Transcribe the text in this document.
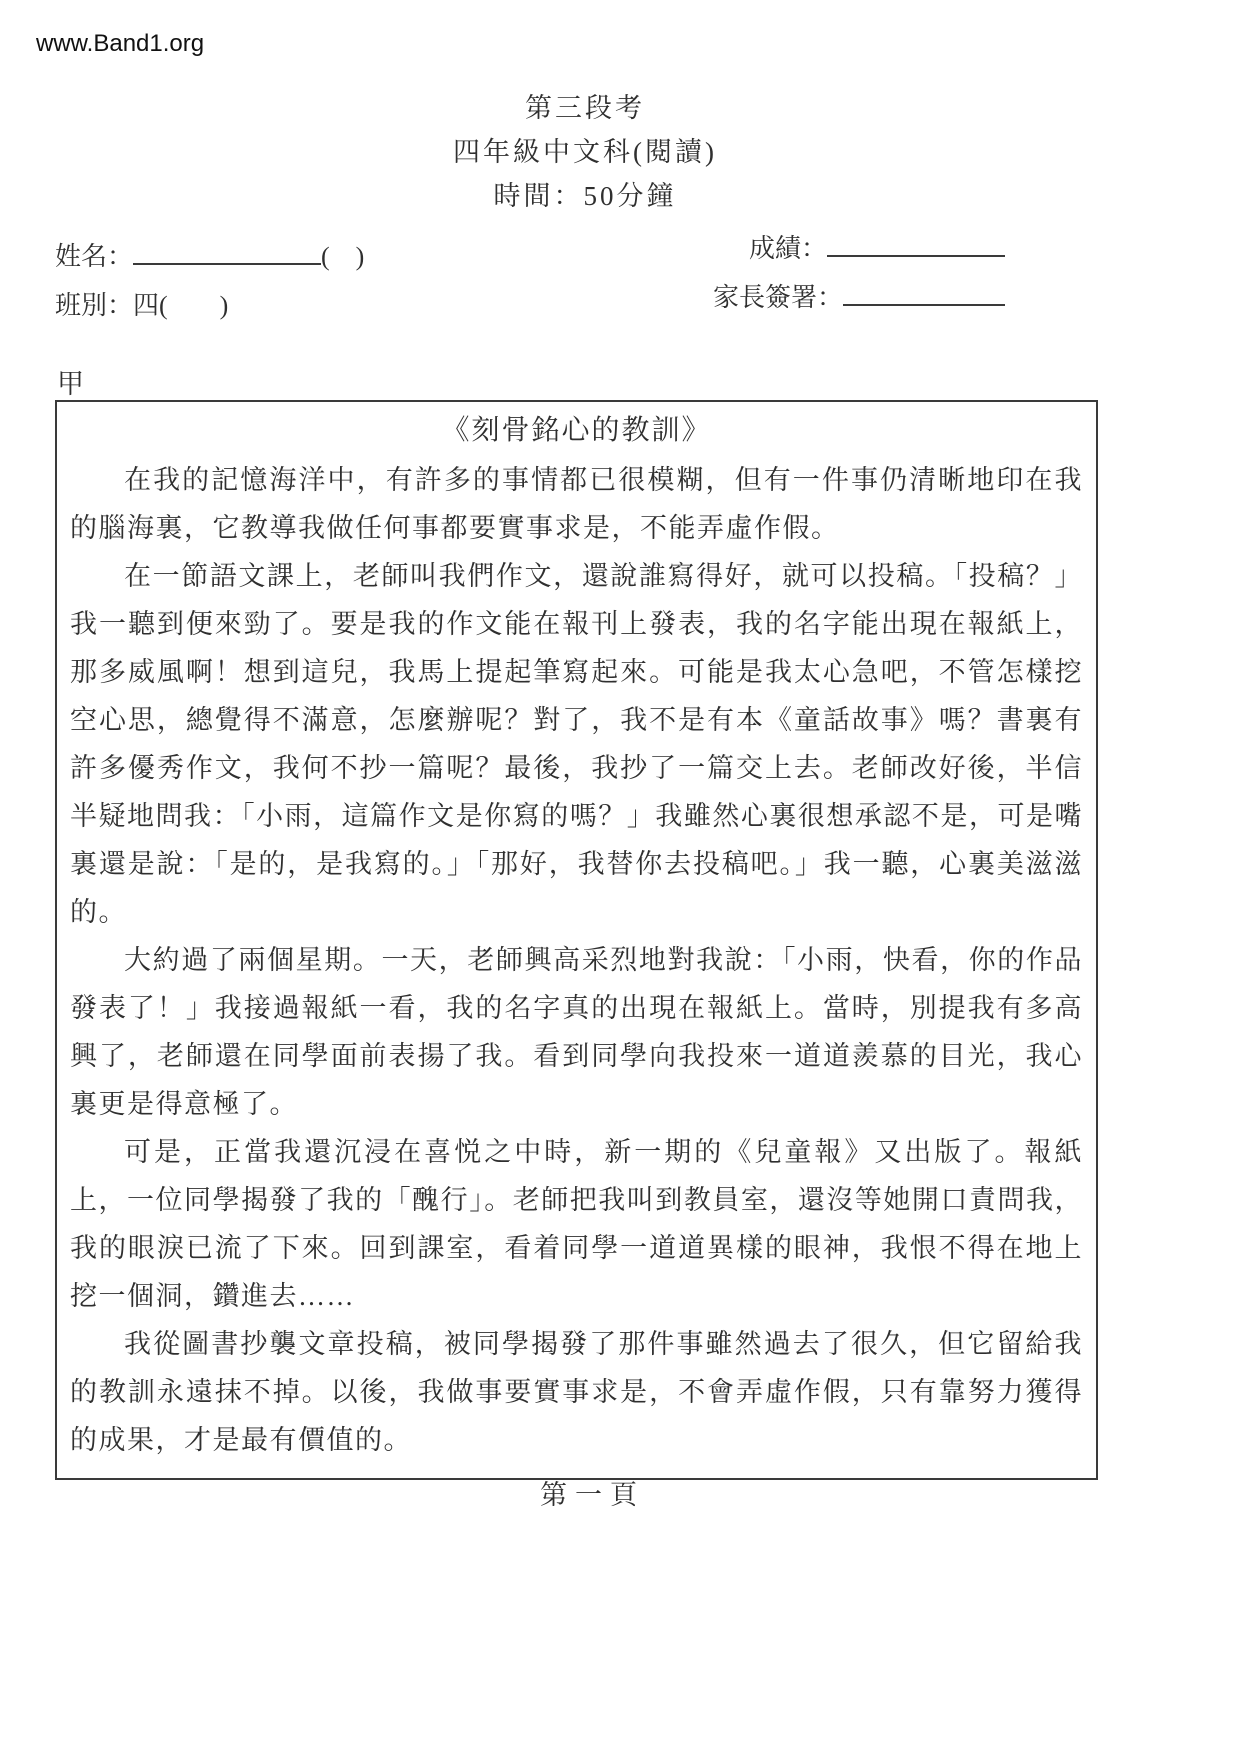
www.Band1.org
第三段考
四年級中文科(閱讀)
時間：50分鐘
姓名：	(　)
班別：四(　　)
成績：
家長簽署：
甲
《刻骨銘心的教訓》

在我的記憶海洋中，有許多的事情都已很模糊，但有一件事仍清晰地印在我的腦海裏，它教導我做任何事都要實事求是，不能弄虛作假。

在一節語文課上，老師叫我們作文，還說誰寫得好，就可以投稿。「投稿？」我一聽到便來勁了。要是我的作文能在報刊上發表，我的名字能出現在報紙上，那多威風啊！想到這兒，我馬上提起筆寫起來。可能是我太心急吧，不管怎樣挖空心思，總覺得不滿意，怎麼辦呢？對了，我不是有本《童話故事》嗎？書裏有許多優秀作文，我何不抄一篇呢？最後，我抄了一篇交上去。老師改好後，半信半疑地問我：「小雨，這篇作文是你寫的嗎？」我雖然心裏很想承認不是，可是嘴裏還是說：「是的，是我寫的。」「那好，我替你去投稿吧。」我一聽，心裏美滋滋的。

大約過了兩個星期。一天，老師興高采烈地對我說：「小雨，快看，你的作品發表了！」我接過報紙一看，我的名字真的出現在報紙上。當時，別提我有多高興了，老師還在同學面前表揚了我。看到同學向我投來一道道羨慕的目光，我心裏更是得意極了。

可是，正當我還沉浸在喜悦之中時，新一期的《兒童報》又出版了。報紙上，一位同學揭發了我的「醜行」。老師把我叫到教員室，還沒等她開口責問我，我的眼淚已流了下來。回到課室，看着同學一道道異樣的眼神，我恨不得在地上挖一個洞，鑽進去……

我從圖書抄襲文章投稿，被同學揭發了那件事雖然過去了很久，但它留給我的教訓永遠抹不掉。以後，我做事要實事求是，不會弄虛作假，只有靠努力獲得的成果，才是最有價值的。

第一頁
